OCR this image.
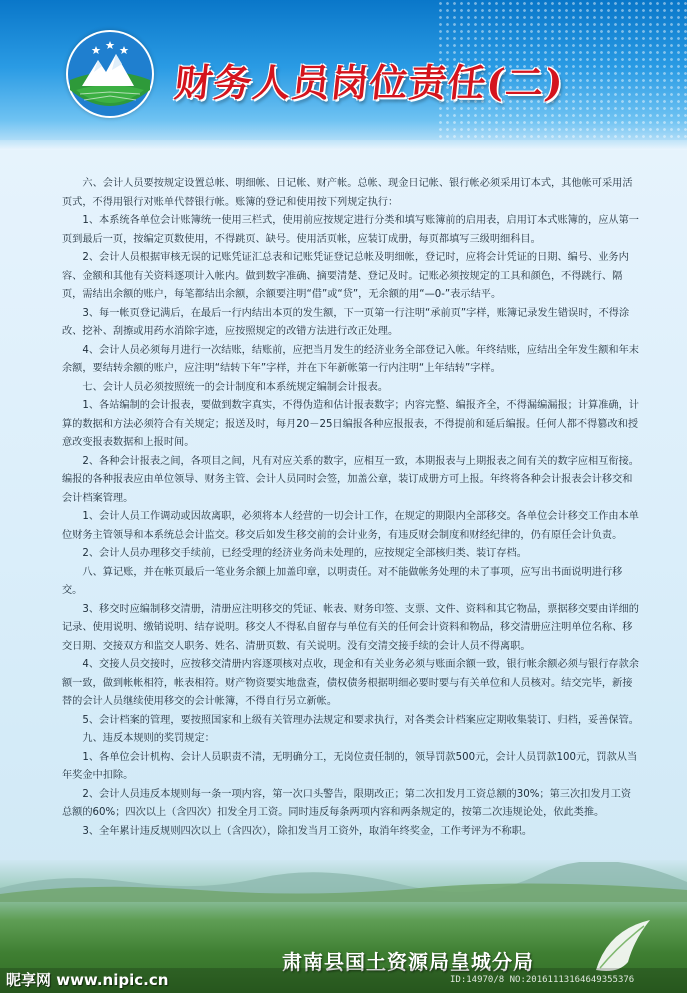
财务人员岗位责任(二)

六、会计人员要按规定设置总帐、明细帐、日记帐、财产帐。总帐、现金日记帐、银行帐必须采用订本式，其他帐可采用活页式，不得用银行对账单代替银行帐。账簿的登记和使用按下列规定执行：

1、本系统各单位会计账簿统一使用三栏式，使用前应按规定进行分类和填写账簿前的启用表，启用订本式账簿的，应从第一页到最后一页，按编定页数使用，不得跳页、缺号。使用活页帐，应装订成册，每页都填写三级明细科目。

2、会计人员根据审核无误的记账凭证汇总表和记账凭证登记总帐及明细帐，登记时，应将会计凭证的日期、编号、业务内容、金额和其他有关资料逐项计入帐内。做到数字准确、摘要清楚、登记及时。记账必须按规定的工具和颜色，不得跳行、隔页，需结出余额的账户，每笔都结出余额，余额要注明“借”或“贷”，无余额的用“—0-”表示结平。

3、每一帐页登记满后，在最后一行内结出本页的发生额，下一页第一行注明“承前页”字样，账簿记录发生错误时，不得涂改、挖补、刮擦或用药水消除字迹，应按照规定的改错方法进行改正处理。

4、会计人员必须每月进行一次结账，结账前，应把当月发生的经济业务全部登记入帐。年终结账，应结出全年发生额和年末余额，要结转余额的账户，应注明“结转下年”字样，并在下年新帐第一行内注明“上年结转”字样。

七、会计人员必须按照统一的会计制度和本系统规定编制会计报表。

1、各站编制的会计报表，要做到数字真实，不得伪造和估计报表数字；内容完整、编报齐全，不得漏编漏报；计算准确，计算的数据和方法必须符合有关规定；报送及时，每月20－25日编报各种应报报表，不得提前和延后编报。任何人都不得篡改和授意改变报表数据和上报时间。

2、各种会计报表之间，各项目之间，凡有对应关系的数字，应相互一致，本期报表与上期报表之间有关的数字应相互衔接。编报的各种报表应由单位领导、财务主管、会计人员同时会签，加盖公章，装订成册方可上报。年终将各种会计报表会计移交和会计档案管理。

1、会计人员工作调动或因故离职，必须将本人经营的一切会计工作，在规定的期限内全部移交。各单位会计移交工作由本单位财务主管领导和本系统总会计监交。移交后如发生移交前的会计业务，有违反财会制度和财经纪律的，仍有原任会计负责。

2、会计人员办理移交手续前，已经受理的经济业务尚未处理的，应按规定全部核归类、装订存档。

八、算记账，并在帐页最后一笔业务余额上加盖印章，以明责任。对不能做帐务处理的未了事项，应写出书面说明进行移交。

3、移交时应编制移交清册，清册应注明移交的凭证、帐表、财务印签、支票、文件、资料和其它物品，票据移交要由详细的记录、使用说明、缴销说明、结存说明。移交人不得私自留存与单位有关的任何会计资料和物品，移交清册应注明单位名称、移交日期、交接双方和监交人职务、姓名、清册页数、有关说明。没有交清交接手续的会计人员不得离职。

4、交接人员交接时，应按移交清册内容逐项核对点收，现金和有关业务必须与账面余额一致，银行帐余额必须与银行存款余额一致，做到帐帐相符，帐表相符。财产物资要实地盘查，债权债务根据明细必要时要与有关单位和人员核对。结交完毕，新接替的会计人员继续使用移交的会计帐簿，不得自行另立新帐。

5、会计档案的管理，要按照国家和上级有关管理办法规定和要求执行，对各类会计档案应定期收集装订、归档，妥善保管。

九、违反本规则的奖罚规定：

1、各单位会计机构、会计人员职责不清，无明确分工，无岗位责任制的，领导罚款500元，会计人员罚款100元，罚款从当年奖金中扣除。

2、会计人员违反本规则每一条一项内容，第一次口头警告，限期改正；第二次扣发月工资总额的30%；第三次扣发月工资总额的60%；四次以上（含四次）扣发全月工资。同时违反每条两项内容和两条规定的，按第二次违规论处，依此类推。

3、全年累计违反规则四次以上（含四次），除扣发当月工资外，取消年终奖金，工作考评为不称职。

肃南县国土资源局皇城分局
昵享网 www.nipic.cn	ID:14970/8 NO:20161113164649355376
